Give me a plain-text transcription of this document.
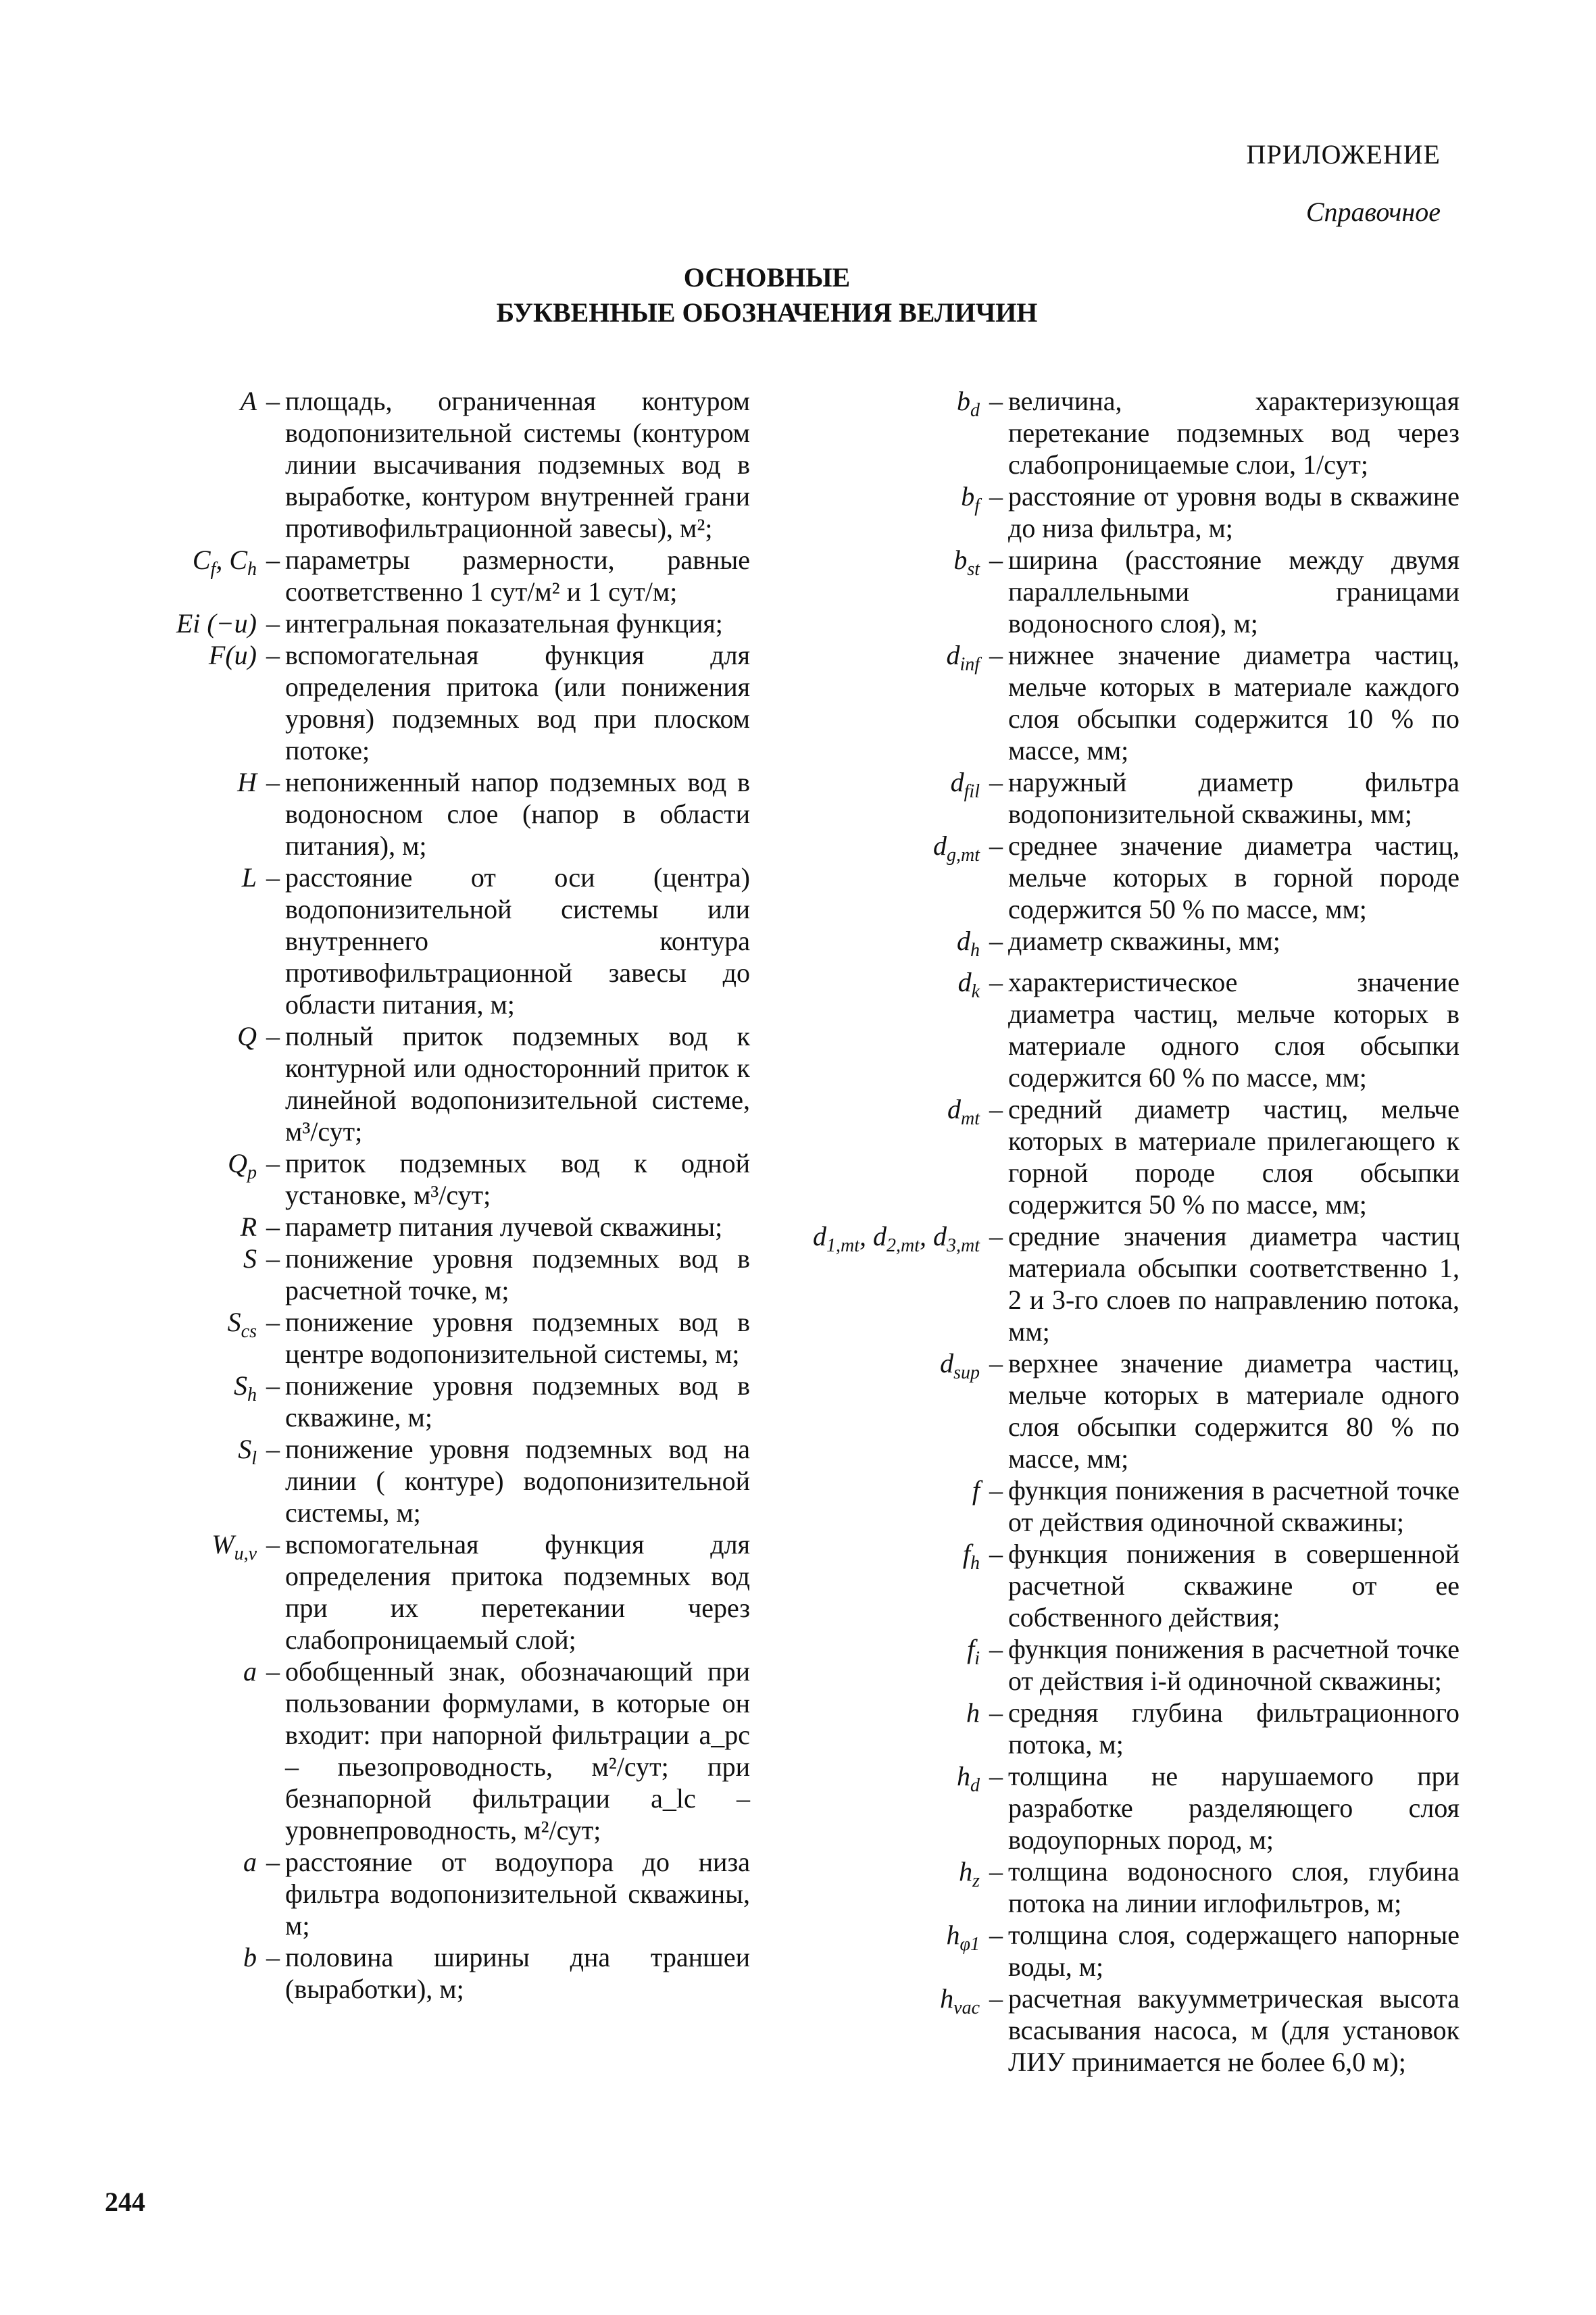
ПРИЛОЖЕНИЕ
Справочное
ОСНОВНЫЕ
БУКВЕННЫЕ ОБОЗНАЧЕНИЯ ВЕЛИЧИН
A – площадь, ограниченная контуром водопонизительной системы (контуром линии высачивания подземных вод в выработке, контуром внутренней грани противофильтрационной завесы), м²;
$C_f$, $C_h$ – параметры размерности, равные соответственно 1 сут/м² и 1 сут/м;
Ei (−u) – интегральная показательная функция;
F(u) – вспомогательная функция для определения притока (или понижения уровня) подземных вод при плоском потоке;
H – непониженный напор подземных вод в водоносном слое (напор в области питания), м;
L – расстояние от оси (центра) водопонизительной системы или внутреннего контура противофильтрационной завесы до области питания, м;
Q – полный приток подземных вод к контурной или односторонний приток к линейной водопонизительной системе, м³/сут;
$Q_p$ – приток подземных вод к одной установке, м³/сут;
R – параметр питания лучевой скважины;
S – понижение уровня подземных вод в расчетной точке, м;
$S_{cs}$ – понижение уровня подземных вод в центре водопонизительной системы, м;
$S_h$ – понижение уровня подземных вод в скважине, м;
$S_l$ – понижение уровня подземных вод на линии ( контуре) водопонизительной системы, м;
$W_{u,v}$ – вспомогательная функция для определения притока подземных вод при их перетекании через слабопроницаемый слой;
a – обобщенный знак, обозначающий при пользовании формулами, в которые он входит: при напорной фильтрации a_pc – пьезопроводность, м²/сут; при безнапорной фильтрации a_lc – уровнепроводность, м²/сут;
a – расстояние от водоупора до низа фильтра водопонизительной скважины, м;
b – половина ширины дна траншеи (выработки), м;
$b_d$ – величина, характеризующая перетекание подземных вод через слабопроницаемые слои, 1/сут;
$b_f$ – расстояние от уровня воды в скважине до низа фильтра, м;
$b_{st}$ – ширина (расстояние между двумя параллельными границами водоносного слоя), м;
$d_{inf}$ – нижнее значение диаметра частиц, мельче которых в материале каждого слоя обсыпки содержится 10 % по массе, мм;
$d_{fil}$ – наружный диаметр фильтра водопонизительной скважины, мм;
$d_{g,mt}$ – среднее значение диаметра частиц, мельче которых в горной породе содержится 50 % по массе, мм;
$d_h$ – диаметр скважины, мм;
$d_k$ – характеристическое значение диаметра частиц, мельче которых в материале одного слоя обсыпки содержится 60 % по массе, мм;
$d_{mt}$ – средний диаметр частиц, мельче которых в материале прилегающего к горной породе слоя обсыпки содержится 50 % по массе, мм;
$d_{1,mt}$, $d_{2,mt}$, $d_{3,mt}$ – средние значения диаметра частиц материала обсыпки соответственно 1, 2 и 3-го слоев по направлению потока, мм;
$d_{sup}$ – верхнее значение диаметра частиц, мельче которых в материале одного слоя обсыпки содержится 80 % по массе, мм;
f – функция понижения в расчетной точке от действия одиночной скважины;
$f_h$ – функция понижения в совершенной расчетной скважине от ее собственного действия;
$f_i$ – функция понижения в расчетной точке от действия i-й одиночной скважины;
h – средняя глубина фильтрационного потока, м;
$h_d$ – толщина не нарушаемого при разработке разделяющего слоя водоупорных пород, м;
$h_z$ – толщина водоносного слоя, глубина потока на линии иглофильтров, м;
$h_{\varphi 1}$ – толщина слоя, содержащего напорные воды, м;
$h_{vac}$ – расчетная вакуумметрическая высота всасывания насоса, м (для установок ЛИУ принимается не более 6,0 м);
244
